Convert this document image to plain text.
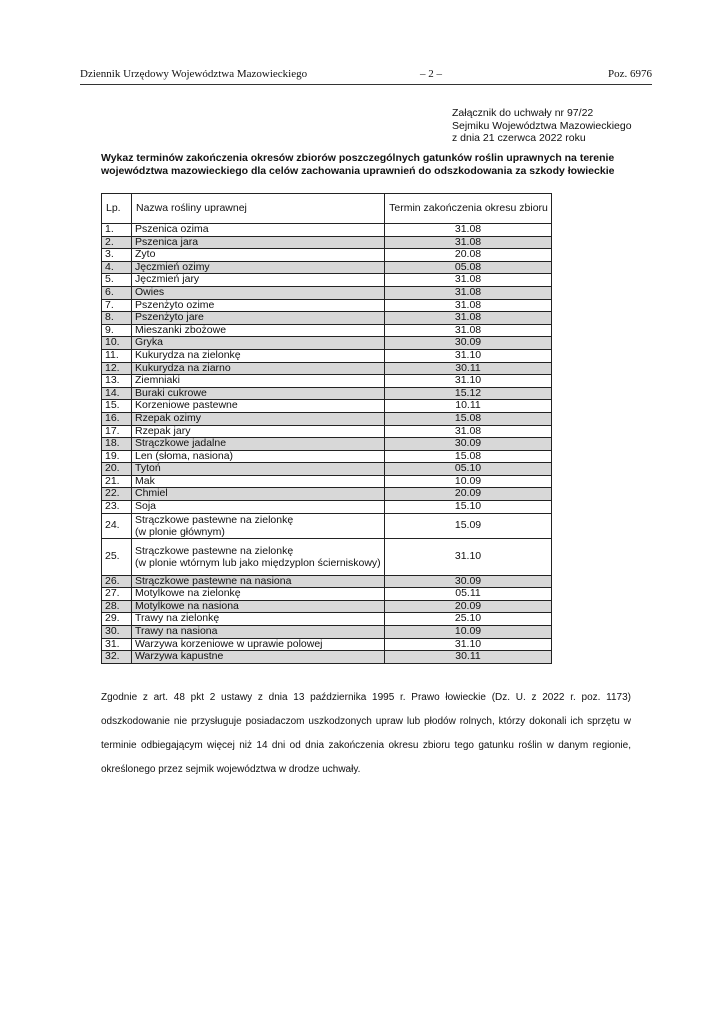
Dziennik Urzędowy Województwa Mazowieckiego	– 2 –	Poz. 6976
Załącznik do uchwały nr 97/22
Sejmiku Województwa Mazowieckiego
z dnia 21 czerwca 2022 roku
Wykaz terminów zakończenia okresów zbiorów poszczególnych gatunków roślin uprawnych na terenie
województwa mazowieckiego dla celów zachowania uprawnień do odszkodowania za szkody łowieckie
Lp.	Nazwa rośliny uprawnej	Termin zakończenia okresu zbioru
1.	Pszenica ozima	31.08
2.	Pszenica jara	31.08
3.	Żyto	20.08
4.	Jęczmień ozimy	05.08
5.	Jęczmień jary	31.08
6.	Owies	31.08
7.	Pszenżyto ozime	31.08
8.	Pszenżyto jare	31.08
9.	Mieszanki zbożowe	31.08
10.	Gryka	30.09
11.	Kukurydza na zielonkę	31.10
12.	Kukurydza na ziarno	30.11
13.	Ziemniaki	31.10
14.	Buraki cukrowe	15.12
15.	Korzeniowe pastewne	10.11
16.	Rzepak ozimy	15.08
17.	Rzepak jary	31.08
18.	Strączkowe jadalne	30.09
19.	Len (słoma, nasiona)	15.08
20.	Tytoń	05.10
21.	Mak	10.09
22.	Chmiel	20.09
23.	Soja	15.10
24.	Strączkowe pastewne na zielonkę
(w plonie głównym)	15.09
25.	Strączkowe pastewne na zielonkę
(w plonie wtórnym lub jako międzyplon ścierniskowy)	31.10
26.	Strączkowe pastewne na nasiona	30.09
27.	Motylkowe na zielonkę	05.11
28.	Motylkowe na nasiona	20.09
29.	Trawy na zielonkę	25.10
30.	Trawy na nasiona	10.09
31.	Warzywa korzeniowe w uprawie polowej	31.10
32.	Warzywa kapustne	30.11

Zgodnie z art. 48 pkt 2 ustawy z dnia 13 października 1995 r. Prawo łowieckie (Dz. U. z 2022 r. poz. 1173) odszkodowanie nie przysługuje posiadaczom uszkodzonych upraw lub płodów rolnych, którzy dokonali ich sprzętu w terminie odbiegającym więcej niż 14 dni od dnia zakończenia okresu zbioru tego gatunku roślin w danym regionie, określonego przez sejmik województwa w drodze uchwały.
